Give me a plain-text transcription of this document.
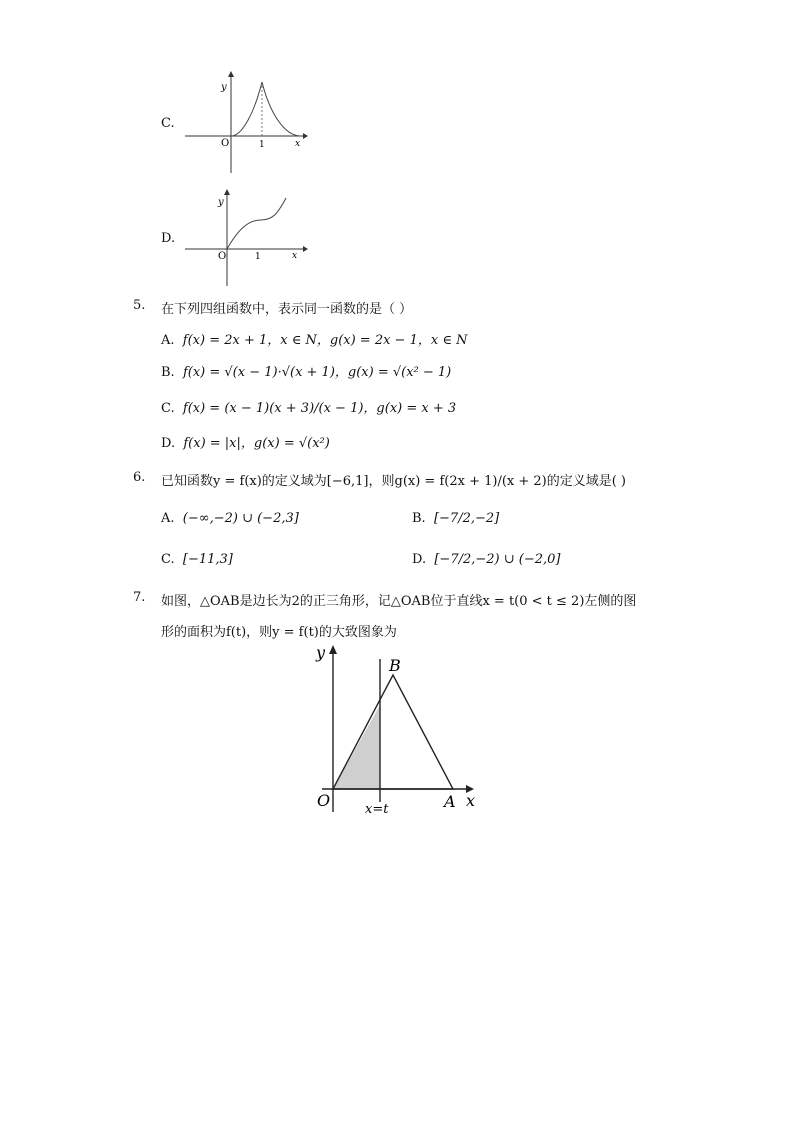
C.
y
x
O	1
D.
y
x
O	1
5. 在下列四组函数中，表示同一函数的是（ ）
A. f(x) = 2x + 1，x ∈ N，g(x) = 2x − 1，x ∈ N
B. f(x) = √(x − 1)·√(x + 1)，g(x) = √(x² − 1)
C. f(x) = (x − 1)(x + 3)/(x − 1)，g(x) = x + 3
D. f(x) = |x|，g(x) = √(x²)
6. 已知函数y = f(x)的定义域为[−6,1]，则g(x) = f(2x + 1)/(x + 2)的定义域是( )
A. (−∞,−2) ∪ (−2,3]	B. [−7/2,−2]
C. [−11,3]	D. [−7/2,−2) ∪ (−2,0]
7. 如图，△OAB是边长为2的正三角形，记△OAB位于直线x = t(0 < t ≤ 2)左侧的图
形的面积为f(t)，则y = f(t)的大致图象为
y
x
O	A
B
x=t
